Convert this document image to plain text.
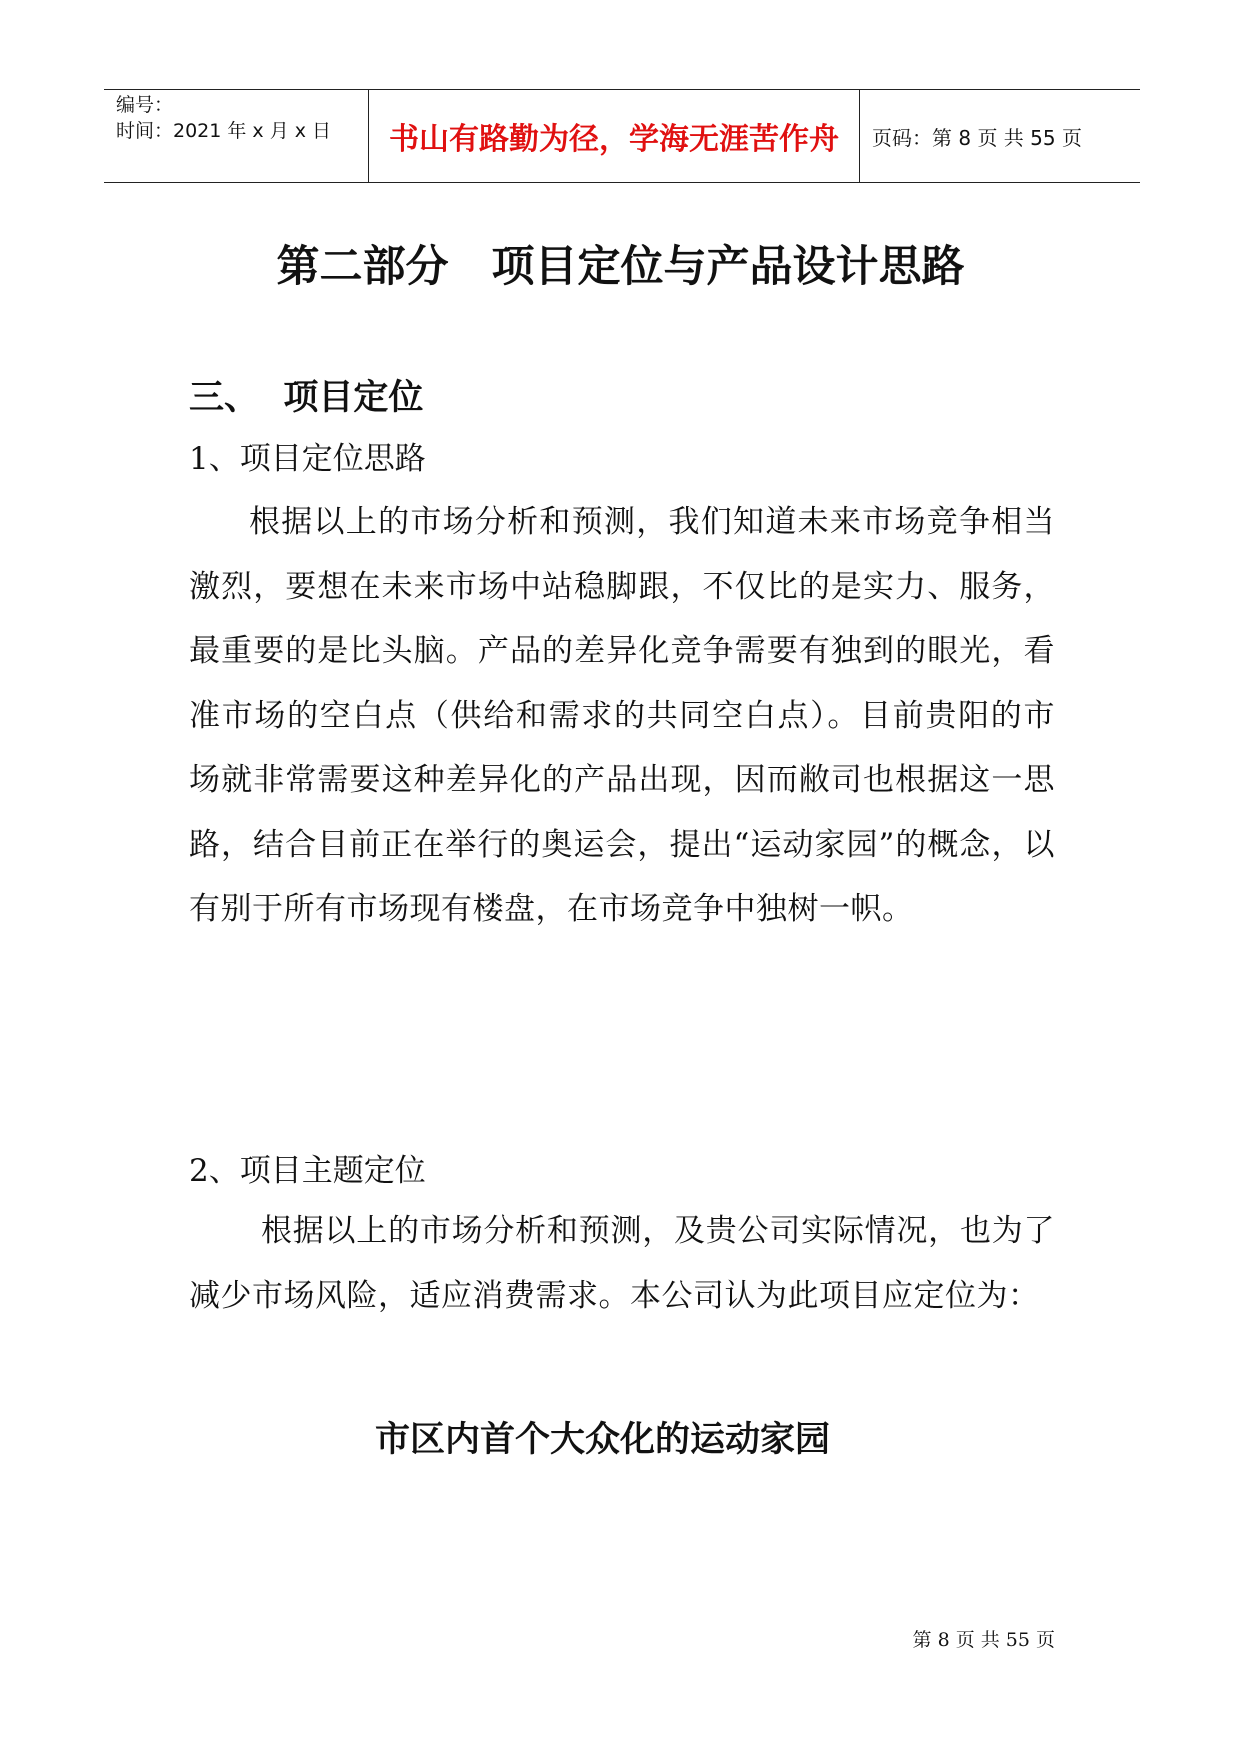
编号：
时间：2021 年 x 月 x 日	书山有路勤为径，学海无涯苦作舟	页码：第 8 页 共 55 页
第二部分　项目定位与产品设计思路
三、  项目定位
1、项目定位思路
根据以上的市场分析和预测，我们知道未来市场竞争相当激烈，要想在未来市场中站稳脚跟，不仅比的是实力、服务，最重要的是比头脑。产品的差异化竞争需要有独到的眼光，看准市场的空白点（供给和需求的共同空白点）。目前贵阳的市场就非常需要这种差异化的产品出现，因而敝司也根据这一思路，结合目前正在举行的奥运会，提出“运动家园”的概念，以有别于所有市场现有楼盘，在市场竞争中独树一帜。
2、项目主题定位
根据以上的市场分析和预测，及贵公司实际情况，也为了减少市场风险，适应消费需求。本公司认为此项目应定位为：
市区内首个大众化的运动家园
第 8 页 共 55 页
